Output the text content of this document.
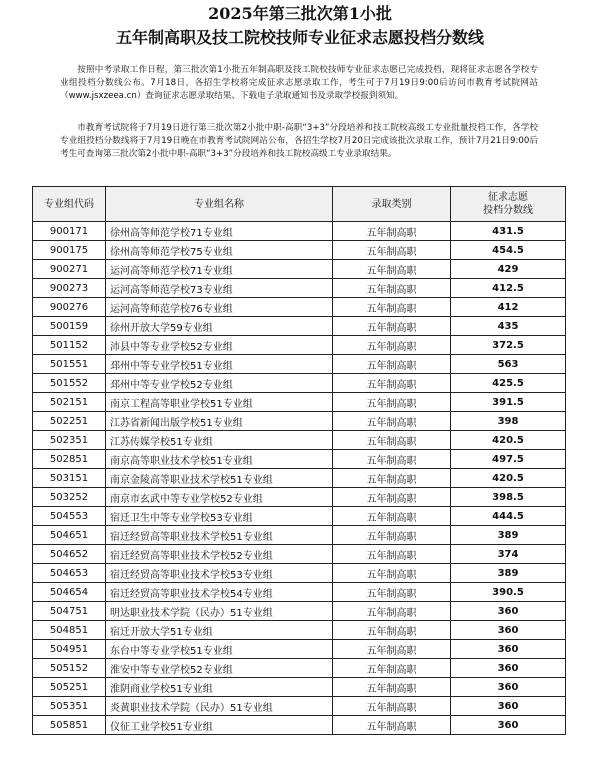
2025年第三批次第1小批
五年制高职及技工院校技师专业征求志愿投档分数线

按照中考录取工作日程，第三批次第1小批五年制高职及技工院校技师专业征求志愿已完成投档，现将征求志愿各学校专业组投档分数线公布。7月18日，各招生学校将完成征求志愿录取工作，考生可于7月19日9:00后访问市教育考试院网站（www.jsxzeea.cn）查询征求志愿录取结果、下载电子录取通知书及录取学校报到须知。

市教育考试院将于7月19日进行第三批次第2小批中职-高职“3+3”分段培养和技工院校高级工专业批量投档工作，各学校专业组投档分数线将于7月19日晚在市教育考试院网站公布，各招生学校7月20日完成该批次录取工作，预计7月21日9:00后考生可查询第三批次第2小批中职-高职“3+3”分段培养和技工院校高级工专业录取结果。

专业组代码	专业组名称	录取类别	征求志愿
投档分数线
900171	徐州高等师范学校71专业组	五年制高职	431.5
900175	徐州高等师范学校75专业组	五年制高职	454.5
900271	运河高等师范学校71专业组	五年制高职	429
900273	运河高等师范学校73专业组	五年制高职	412.5
900276	运河高等师范学校76专业组	五年制高职	412
500159	徐州开放大学59专业组	五年制高职	435
501152	沛县中等专业学校52专业组	五年制高职	372.5
501551	邳州中等专业学校51专业组	五年制高职	563
501552	邳州中等专业学校52专业组	五年制高职	425.5
502151	南京工程高等职业学校51专业组	五年制高职	391.5
502251	江苏省新闻出版学校51专业组	五年制高职	398
502351	江苏传媒学校51专业组	五年制高职	420.5
502851	南京高等职业技术学校51专业组	五年制高职	497.5
503151	南京金陵高等职业技术学校51专业组	五年制高职	420.5
503252	南京市玄武中等专业学校52专业组	五年制高职	398.5
504553	宿迁卫生中等专业学校53专业组	五年制高职	444.5
504651	宿迁经贸高等职业技术学校51专业组	五年制高职	389
504652	宿迁经贸高等职业技术学校52专业组	五年制高职	374
504653	宿迁经贸高等职业技术学校53专业组	五年制高职	389
504654	宿迁经贸高等职业技术学校54专业组	五年制高职	390.5
504751	明达职业技术学院（民办）51专业组	五年制高职	360
504851	宿迁开放大学51专业组	五年制高职	360
504951	东台中等专业学校51专业组	五年制高职	360
505152	淮安中等专业学校52专业组	五年制高职	360
505251	淮阴商业学校51专业组	五年制高职	360
505351	炎黄职业技术学院（民办）51专业组	五年制高职	360
505851	仪征工业学校51专业组	五年制高职	360
